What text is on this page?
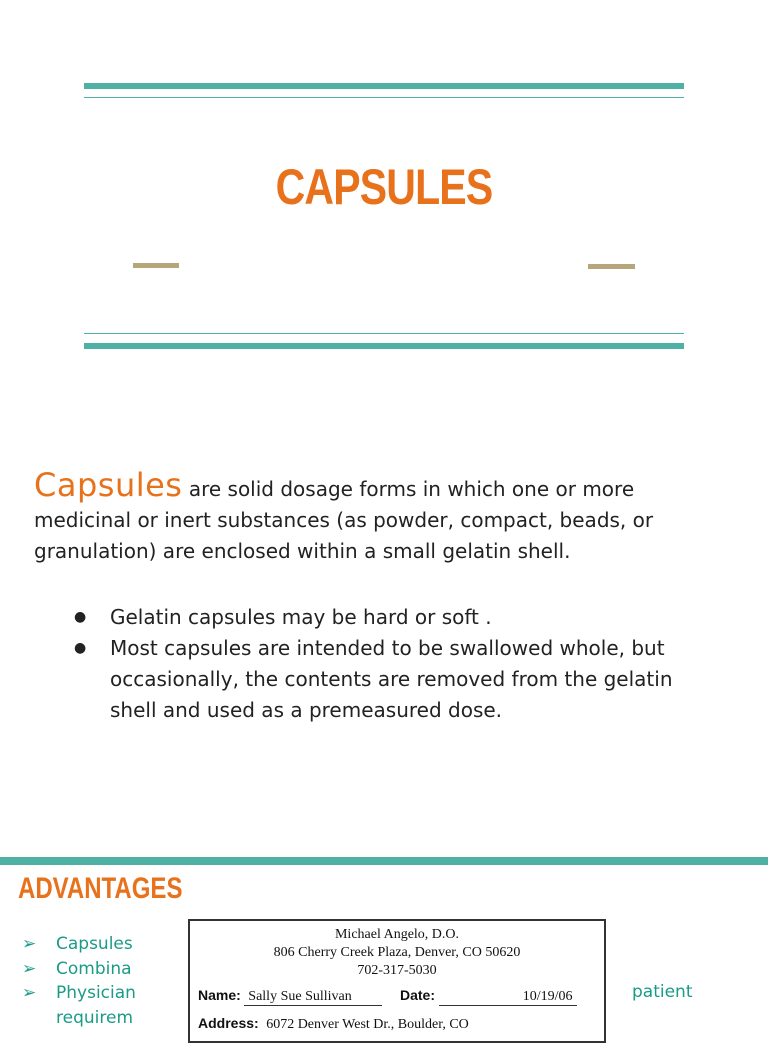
CAPSULES
Capsules are solid dosage forms in which one or more medicinal or inert substances (as powder, compact, beads, or granulation) are enclosed within a small gelatin shell.
● Gelatin capsules may be hard or soft .
● Most capsules are intended to be swallowed whole, but occasionally, the contents are removed from the gelatin shell and used as a premeasured dose.
ADVANTAGES
➢ Capsules
➢ Combina
➢ Physician
requirem
patient
Michael Angelo, D.O.
806 Cherry Creek Plaza, Denver, CO 50620
702-317-5030
Name: Sally Sue Sullivan	Date:	10/19/06
Address: 6072 Denver West Dr., Boulder, CO
